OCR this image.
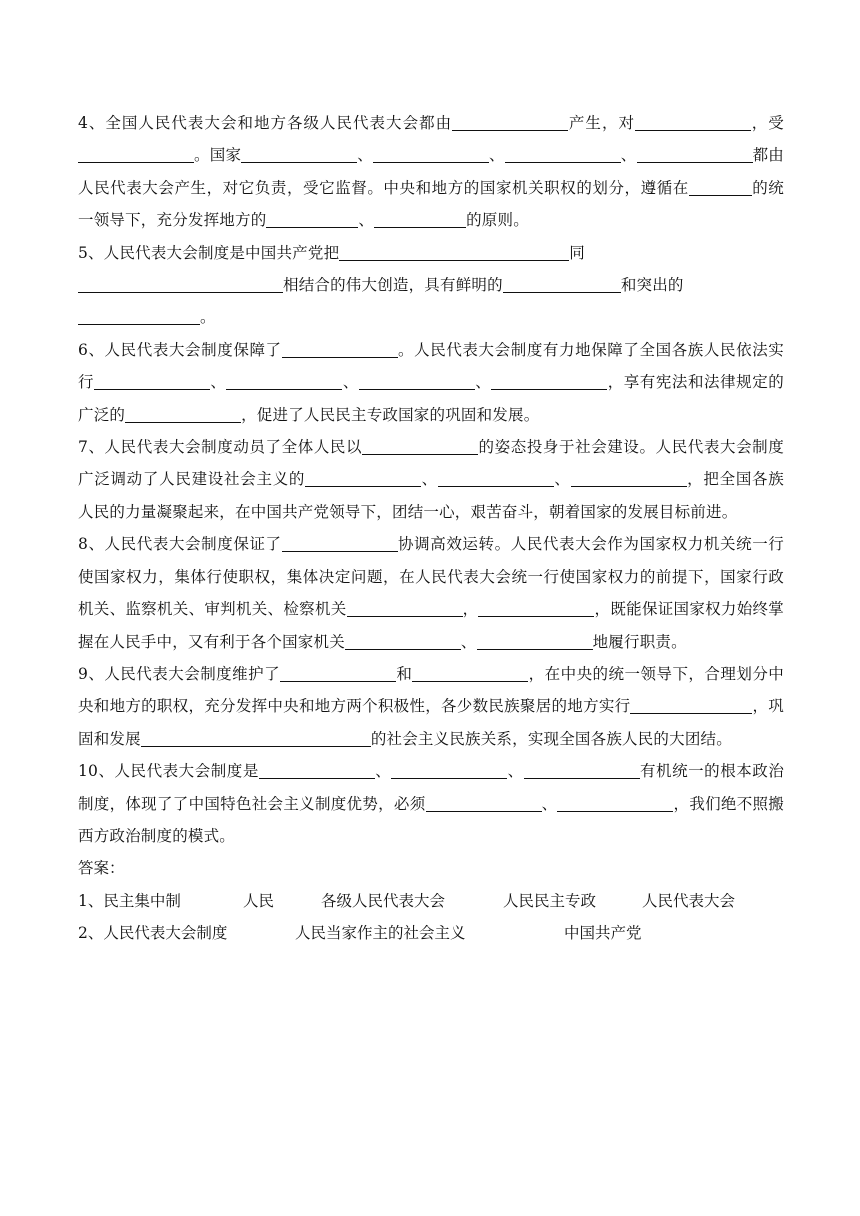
4、全国人民代表大会和地方各级人民代表大会都由	产生，对	，受。国家	、	、	、	都由人民代表大会产生，对它负责，受它监督。中央和地方的国家机关职权的划分，遵循在	的统一领导下，充分发挥地方的	、	的原则。

5、人民代表大会制度是中国共产党把	同
相结合的伟大创造，具有鲜明的	和突出的
。

6、人民代表大会制度保障了	。人民代表大会制度有力地保障了全国各族人民依法实行	、	、	、	，享有宪法和法律规定的广泛的	，促进了人民民主专政国家的巩固和发展。

7、人民代表大会制度动员了全体人民以	的姿态投身于社会建设。人民代表大会制度广泛调动了人民建设社会主义的	、	、	，把全国各族人民的力量凝聚起来，在中国共产党领导下，团结一心，艰苦奋斗，朝着国家的发展目标前进。

8、人民代表大会制度保证了	协调高效运转。人民代表大会作为国家权力机关统一行使国家权力，集体行使职权，集体决定问题，在人民代表大会统一行使国家权力的前提下，国家行政机关、监察机关、审判机关、检察机关	，	，既能保证国家权力始终掌握在人民手中，又有利于各个国家机关	、	地履行职责。

9、人民代表大会制度维护了	和	，在中央的统一领导下，合理划分中央和地方的职权，充分发挥中央和地方两个积极性，各少数民族聚居的地方实行	，巩固和发展	的社会主义民族关系，实现全国各族人民的大团结。

10、人民代表大会制度是	、	、	有机统一的根本政治制度，体现了了中国特色社会主义制度优势，必须	、	，我们绝不照搬西方政治制度的模式。

答案：

1、民主集中制	人民	各级人民代表大会	人民民主专政	人民代表大会

2、人民代表大会制度	人民当家作主的社会主义	中国共产党
